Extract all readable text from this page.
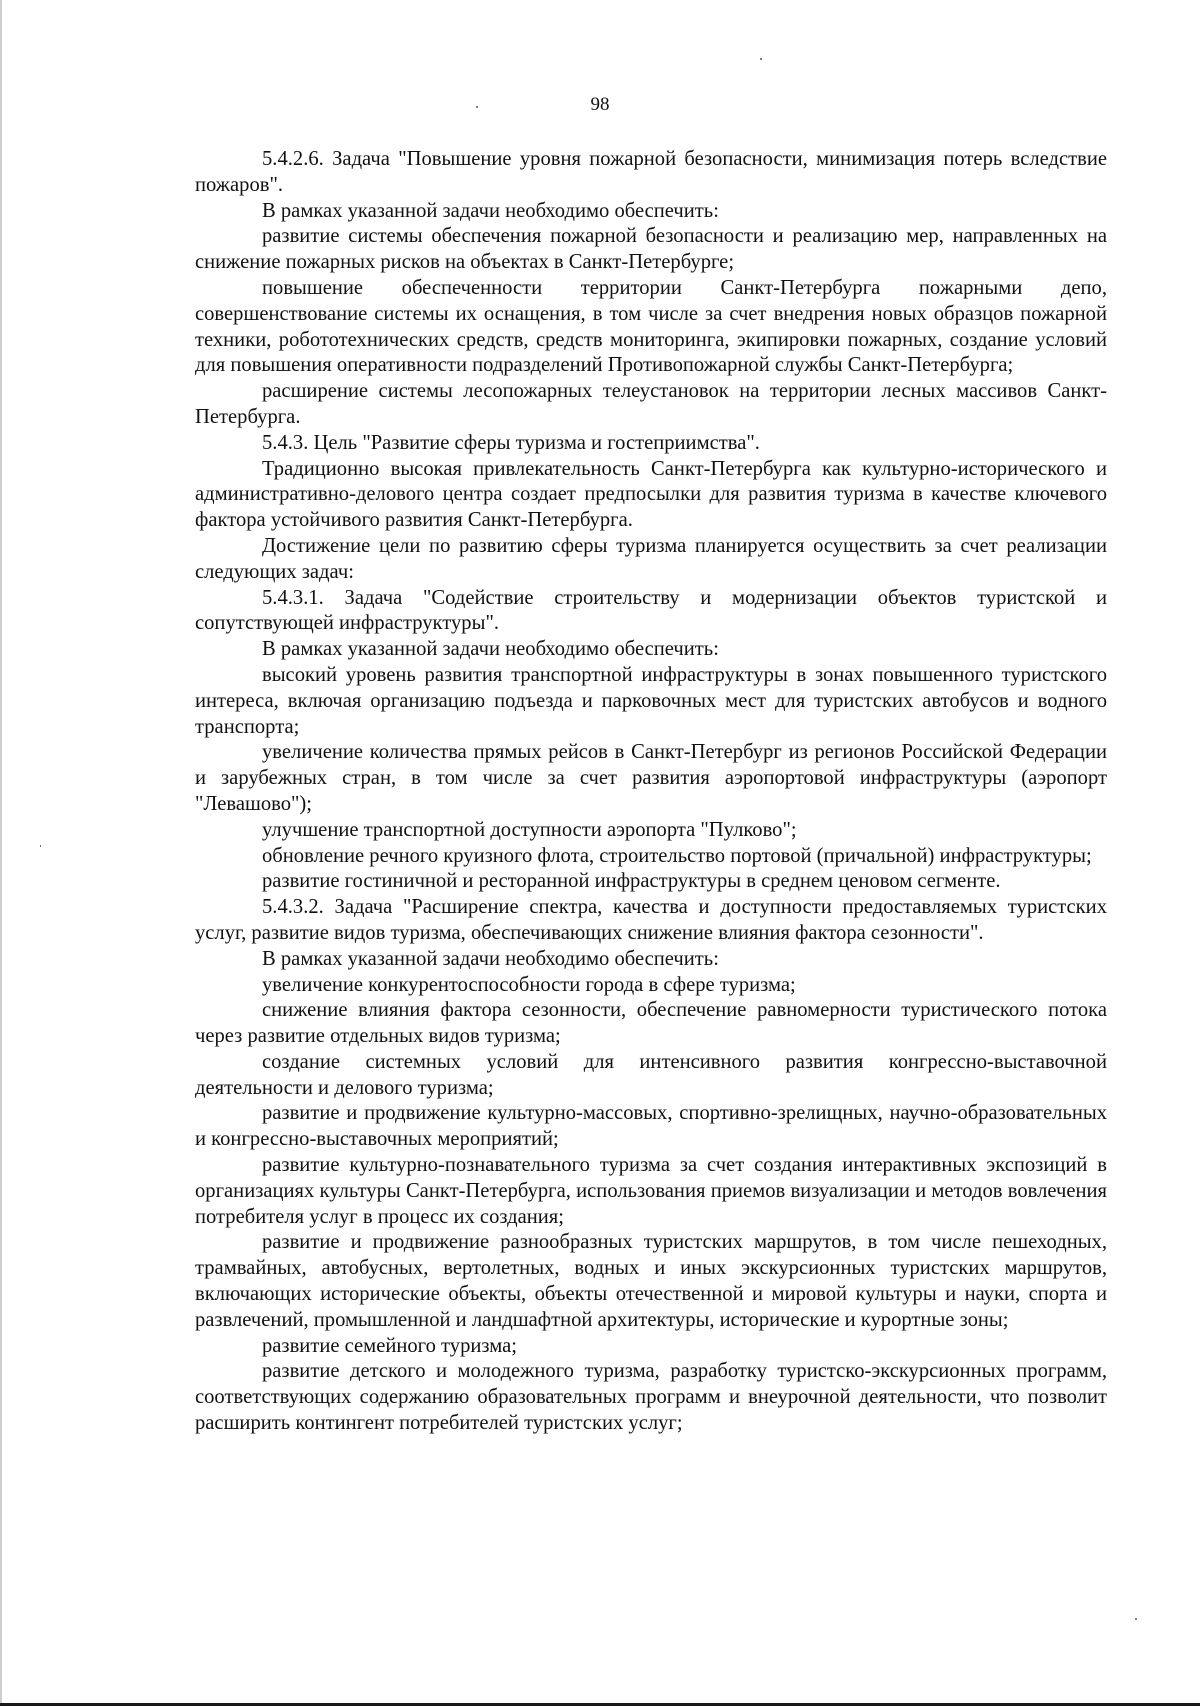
98

5.4.2.6. Задача "Повышение уровня пожарной безопасности, минимизация потерь вследствие пожаров".

В рамках указанной задачи необходимо обеспечить:

развитие системы обеспечения пожарной безопасности и реализацию мер, направленных на снижение пожарных рисков на объектах в Санкт-Петербурге;

повышение обеспеченности территории Санкт-Петербурга пожарными депо, совершенствование системы их оснащения, в том числе за счет внедрения новых образцов пожарной техники, робототехнических средств, средств мониторинга, экипировки пожарных, создание условий для повышения оперативности подразделений Противопожарной службы Санкт-Петербурга;

расширение системы лесопожарных телеустановок на территории лесных массивов Санкт-Петербурга.

5.4.3. Цель "Развитие сферы туризма и гостеприимства".

Традиционно высокая привлекательность Санкт-Петербурга как культурно-исторического и административно-делового центра создает предпосылки для развития туризма в качестве ключевого фактора устойчивого развития Санкт-Петербурга.

Достижение цели по развитию сферы туризма планируется осуществить за счет реализации следующих задач:

5.4.3.1. Задача "Содействие строительству и модернизации объектов туристской и сопутствующей инфраструктуры".

В рамках указанной задачи необходимо обеспечить:

высокий уровень развития транспортной инфраструктуры в зонах повышенного туристского интереса, включая организацию подъезда и парковочных мест для туристских автобусов и водного транспорта;

увеличение количества прямых рейсов в Санкт-Петербург из регионов Российской Федерации и зарубежных стран, в том числе за счет развития аэропортовой инфраструктуры (аэропорт "Левашово");

улучшение транспортной доступности аэропорта "Пулково";

обновление речного круизного флота, строительство портовой (причальной) инфраструктуры;

развитие гостиничной и ресторанной инфраструктуры в среднем ценовом сегменте.

5.4.3.2. Задача "Расширение спектра, качества и доступности предоставляемых туристских услуг, развитие видов туризма, обеспечивающих снижение влияния фактора сезонности".

В рамках указанной задачи необходимо обеспечить:

увеличение конкурентоспособности города в сфере туризма;

снижение влияния фактора сезонности, обеспечение равномерности туристического потока через развитие отдельных видов туризма;

создание системных условий для интенсивного развития конгрессно-выставочной деятельности и делового туризма;

развитие и продвижение культурно-массовых, спортивно-зрелищных, научно-образовательных и конгрессно-выставочных мероприятий;

развитие культурно-познавательного туризма за счет создания интерактивных экспозиций в организациях культуры Санкт-Петербурга, использования приемов визуализации и методов вовлечения потребителя услуг в процесс их создания;

развитие и продвижение разнообразных туристских маршрутов, в том числе пешеходных, трамвайных, автобусных, вертолетных, водных и иных экскурсионных туристских маршрутов, включающих исторические объекты, объекты отечественной и мировой культуры и науки, спорта и развлечений, промышленной и ландшафтной архитектуры, исторические и курортные зоны;

развитие семейного туризма;

развитие детского и молодежного туризма, разработку туристско-экскурсионных программ, соответствующих содержанию образовательных программ и внеурочной деятельности, что позволит расширить контингент потребителей туристских услуг;
